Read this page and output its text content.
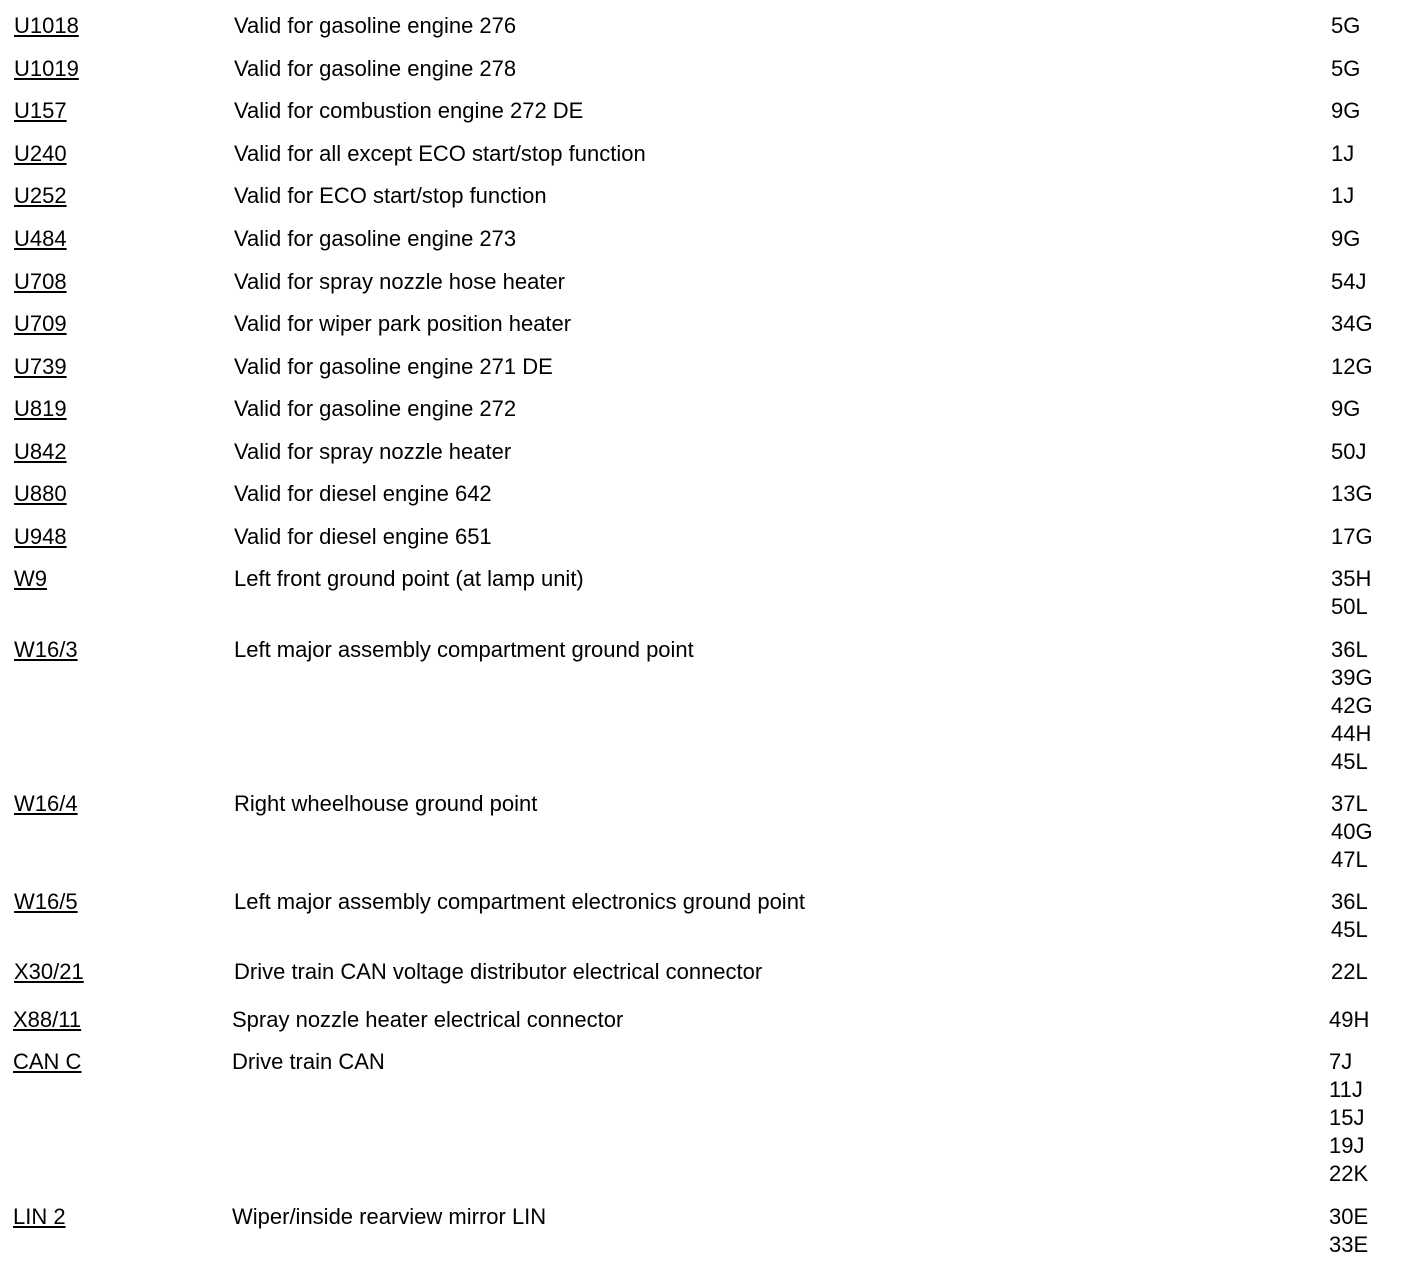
U1018	Valid for gasoline engine 276	5G
U1019	Valid for gasoline engine 278	5G
U157	Valid for combustion engine 272 DE	9G
U240	Valid for all except ECO start/stop function	1J
U252	Valid for ECO start/stop function	1J
U484	Valid for gasoline engine 273	9G
U708	Valid for spray nozzle hose heater	54J
U709	Valid for wiper park position heater	34G
U739	Valid for gasoline engine 271 DE	12G
U819	Valid for gasoline engine 272	9G
U842	Valid for spray nozzle heater	50J
U880	Valid for diesel engine 642	13G
U948	Valid for diesel engine 651	17G
W9	Left front ground point (at lamp unit)	35H
50L
W16/3	Left major assembly compartment ground point	36L
39G
42G
44H
45L
W16/4	Right wheelhouse ground point	37L
40G
47L
W16/5	Left major assembly compartment electronics ground point	36L
45L
X30/21	Drive train CAN voltage distributor electrical connector	22L
X88/11	Spray nozzle heater electrical connector	49H
CAN C	Drive train CAN	7J
11J
15J
19J
22K
LIN 2	Wiper/inside rearview mirror LIN	30E
33E
